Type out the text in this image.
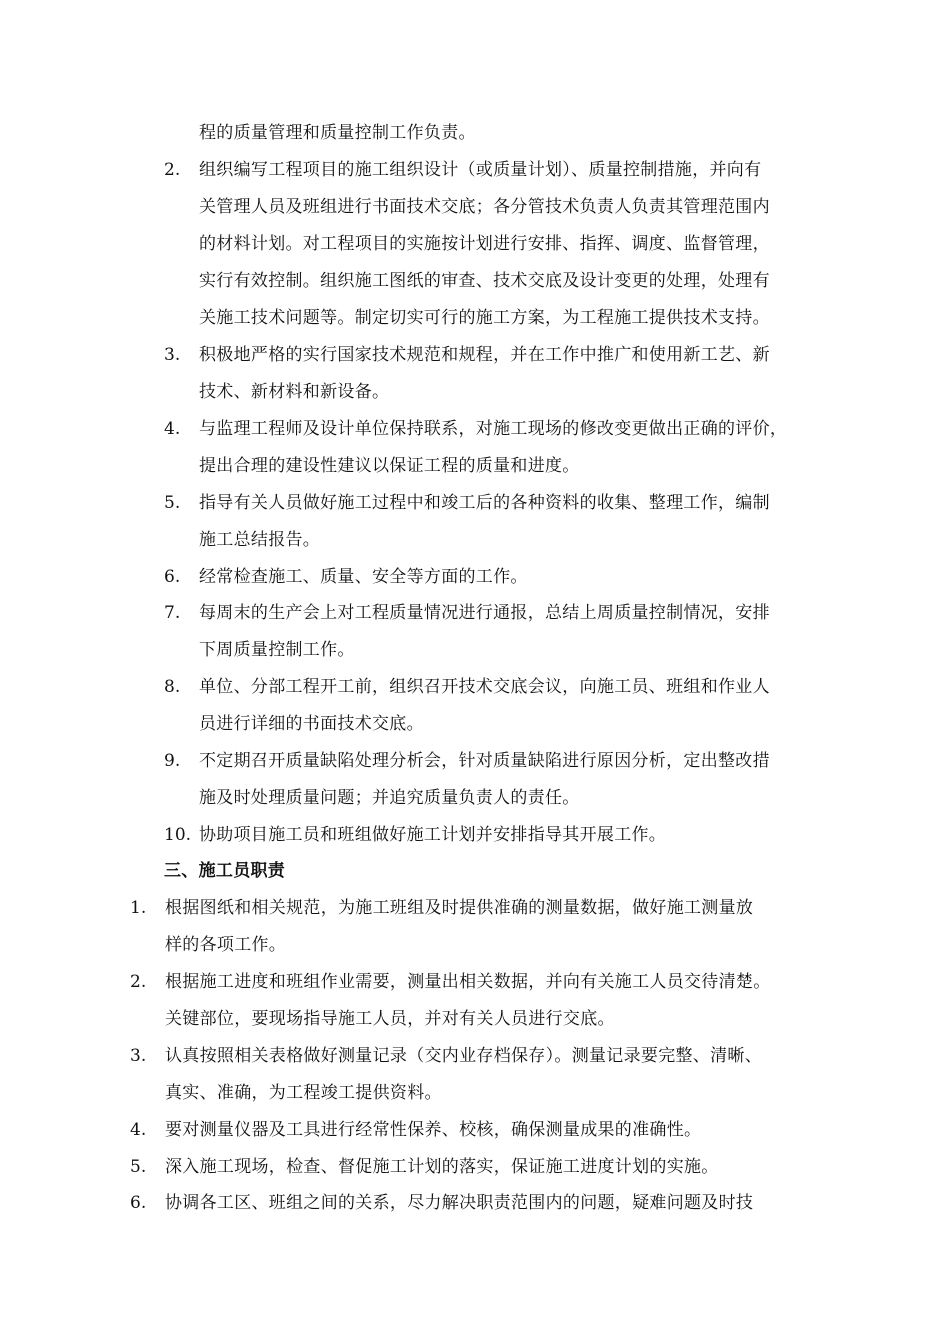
程的质量管理和质量控制工作负责。
2. 组织编写工程项目的施工组织设计（或质量计划）、质量控制措施，并向有
关管理人员及班组进行书面技术交底；各分管技术负责人负责其管理范围内
的材料计划。对工程项目的实施按计划进行安排、指挥、调度、监督管理，
实行有效控制。组织施工图纸的审查、技术交底及设计变更的处理，处理有
关施工技术问题等。制定切实可行的施工方案，为工程施工提供技术支持。
3. 积极地严格的实行国家技术规范和规程，并在工作中推广和使用新工艺、新
技术、新材料和新设备。
4. 与监理工程师及设计单位保持联系，对施工现场的修改变更做出正确的评价，
提出合理的建设性建议以保证工程的质量和进度。
5. 指导有关人员做好施工过程中和竣工后的各种资料的收集、整理工作，编制
施工总结报告。
6. 经常检查施工、质量、安全等方面的工作。
7. 每周末的生产会上对工程质量情况进行通报，总结上周质量控制情况，安排
下周质量控制工作。
8. 单位、分部工程开工前，组织召开技术交底会议，向施工员、班组和作业人
员进行详细的书面技术交底。
9. 不定期召开质量缺陷处理分析会，针对质量缺陷进行原因分析，定出整改措
施及时处理质量问题；并追究质量负责人的责任。
10. 协助项目施工员和班组做好施工计划并安排指导其开展工作。
三、施工员职责
1. 根据图纸和相关规范，为施工班组及时提供准确的测量数据，做好施工测量放
样的各项工作。
2. 根据施工进度和班组作业需要，测量出相关数据，并向有关施工人员交待清楚。
关键部位，要现场指导施工人员，并对有关人员进行交底。
3. 认真按照相关表格做好测量记录（交内业存档保存）。测量记录要完整、清晰、
真实、准确，为工程竣工提供资料。
4. 要对测量仪器及工具进行经常性保养、校核，确保测量成果的准确性。
5. 深入施工现场，检查、督促施工计划的落实，保证施工进度计划的实施。
6. 协调各工区、班组之间的关系，尽力解决职责范围内的问题，疑难问题及时技
